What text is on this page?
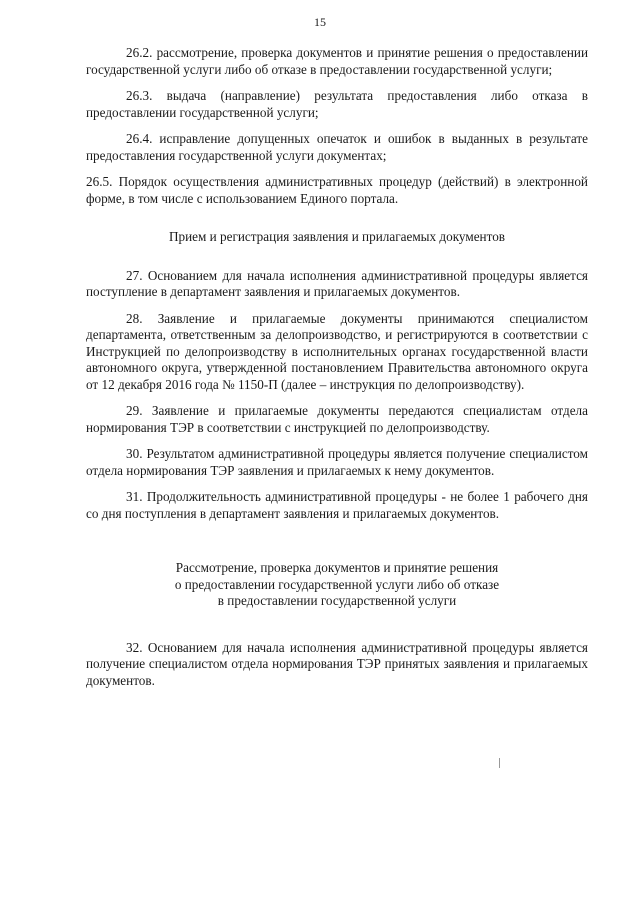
15

26.2. рассмотрение, проверка документов и принятие решения о предоставлении государственной услуги либо об отказе в предоставлении государственной услуги;

26.3. выдача (направление) результата предоставления либо отказа в предоставлении государственной услуги;

26.4. исправление допущенных опечаток и ошибок в выданных в результате предоставления государственной услуги документах;

26.5. Порядок осуществления административных процедур (действий) в электронной форме, в том числе с использованием Единого портала.

Прием и регистрация заявления и прилагаемых документов

27. Основанием для начала исполнения административной процедуры является поступление в департамент заявления и прилагаемых документов.

28. Заявление и прилагаемые документы принимаются специалистом департамента, ответственным за делопроизводство, и регистрируются в соответствии с Инструкцией по делопроизводству в исполнительных органах государственной власти автономного округа, утвержденной постановлением Правительства автономного округа от 12 декабря 2016 года № 1150-П (далее – инструкция по делопроизводству).

29. Заявление и прилагаемые документы передаются специалистам отдела нормирования ТЭР в соответствии с инструкцией по делопроизводству.

30. Результатом административной процедуры является получение специалистом отдела нормирования ТЭР заявления и прилагаемых к нему документов.

31. Продолжительность административной процедуры - не более 1 рабочего дня со дня поступления в департамент заявления и прилагаемых документов.

Рассмотрение, проверка документов и принятие решения
о предоставлении государственной услуги либо об отказе
в предоставлении государственной услуги

32. Основанием для начала исполнения административной процедуры является получение специалистом отдела нормирования ТЭР принятых заявления и прилагаемых документов.
